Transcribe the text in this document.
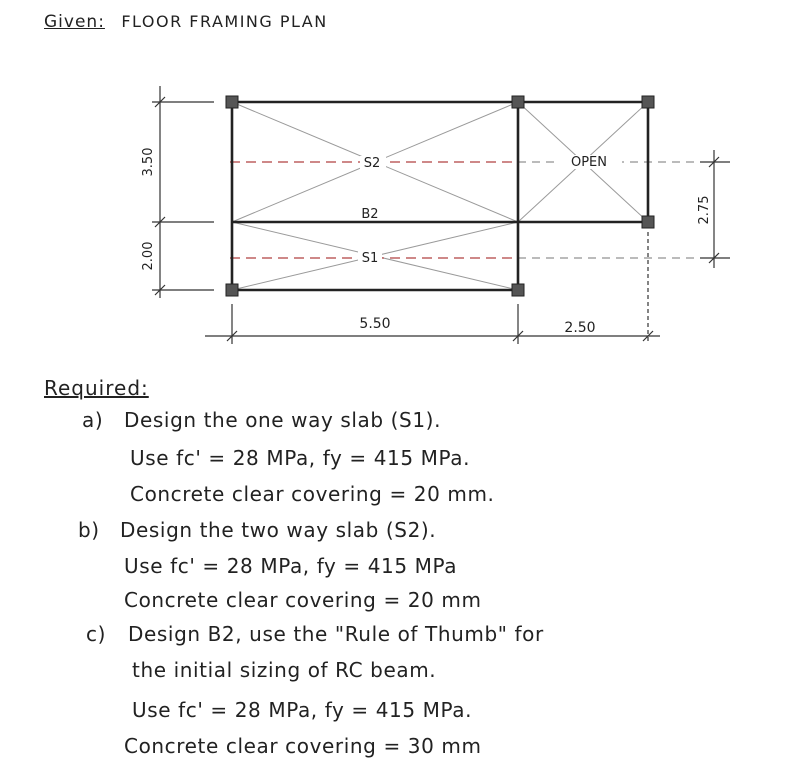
Given: FLOOR FRAMING PLAN
S2
B2
S1
OPEN
3.50
2.00
2.75
5.50	2.50
Required:
a) Design the one way slab (S1).
Use fc' = 28 MPa, fy = 415 MPa.
Concrete clear covering = 20 mm.
b) Design the two way slab (S2).
Use fc' = 28 MPa, fy = 415 MPa
Concrete clear covering = 20 mm
c) Design B2, use the "Rule of Thumb" for
the initial sizing of RC beam.
Use fc' = 28 MPa, fy = 415 MPa.
Concrete clear covering = 30 mm
